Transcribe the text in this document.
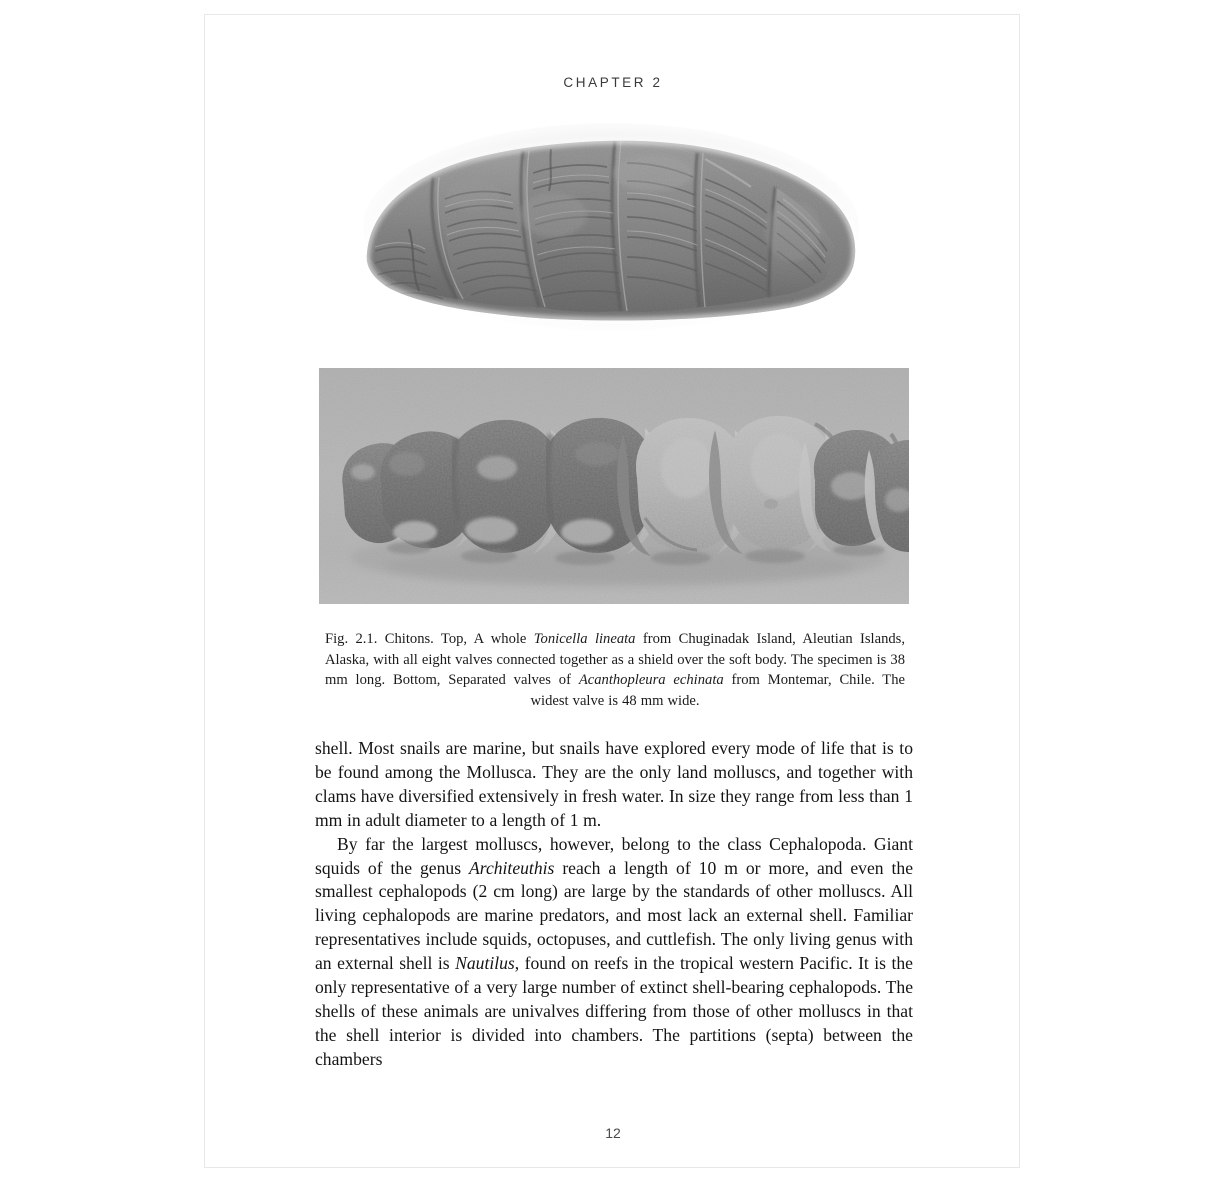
CHAPTER 2
Fig. 2.1. Chitons. Top, A whole Tonicella lineata from Chuginadak Island, Aleutian Islands, Alaska, with all eight valves connected together as a shield over the soft body. The specimen is 38 mm long. Bottom, Separated valves of Acanthopleura echinata from Montemar, Chile. The widest valve is 48 mm wide.

shell. Most snails are marine, but snails have explored every mode of life that is to be found among the Mollusca. They are the only land molluscs, and together with clams have diversified extensively in fresh water. In size they range from less than 1 mm in adult diameter to a length of 1 m.

By far the largest molluscs, however, belong to the class Cephalopoda. Giant squids of the genus Architeuthis reach a length of 10 m or more, and even the smallest cephalopods (2 cm long) are large by the standards of other molluscs. All living cephalopods are marine predators, and most lack an external shell. Familiar representatives include squids, octopuses, and cuttlefish. The only living genus with an external shell is Nautilus, found on reefs in the tropical western Pacific. It is the only representative of a very large number of extinct shell-bearing cephalopods. The shells of these animals are univalves differing from those of other molluscs in that the shell interior is divided into chambers. The partitions (septa) between the chambers

12
